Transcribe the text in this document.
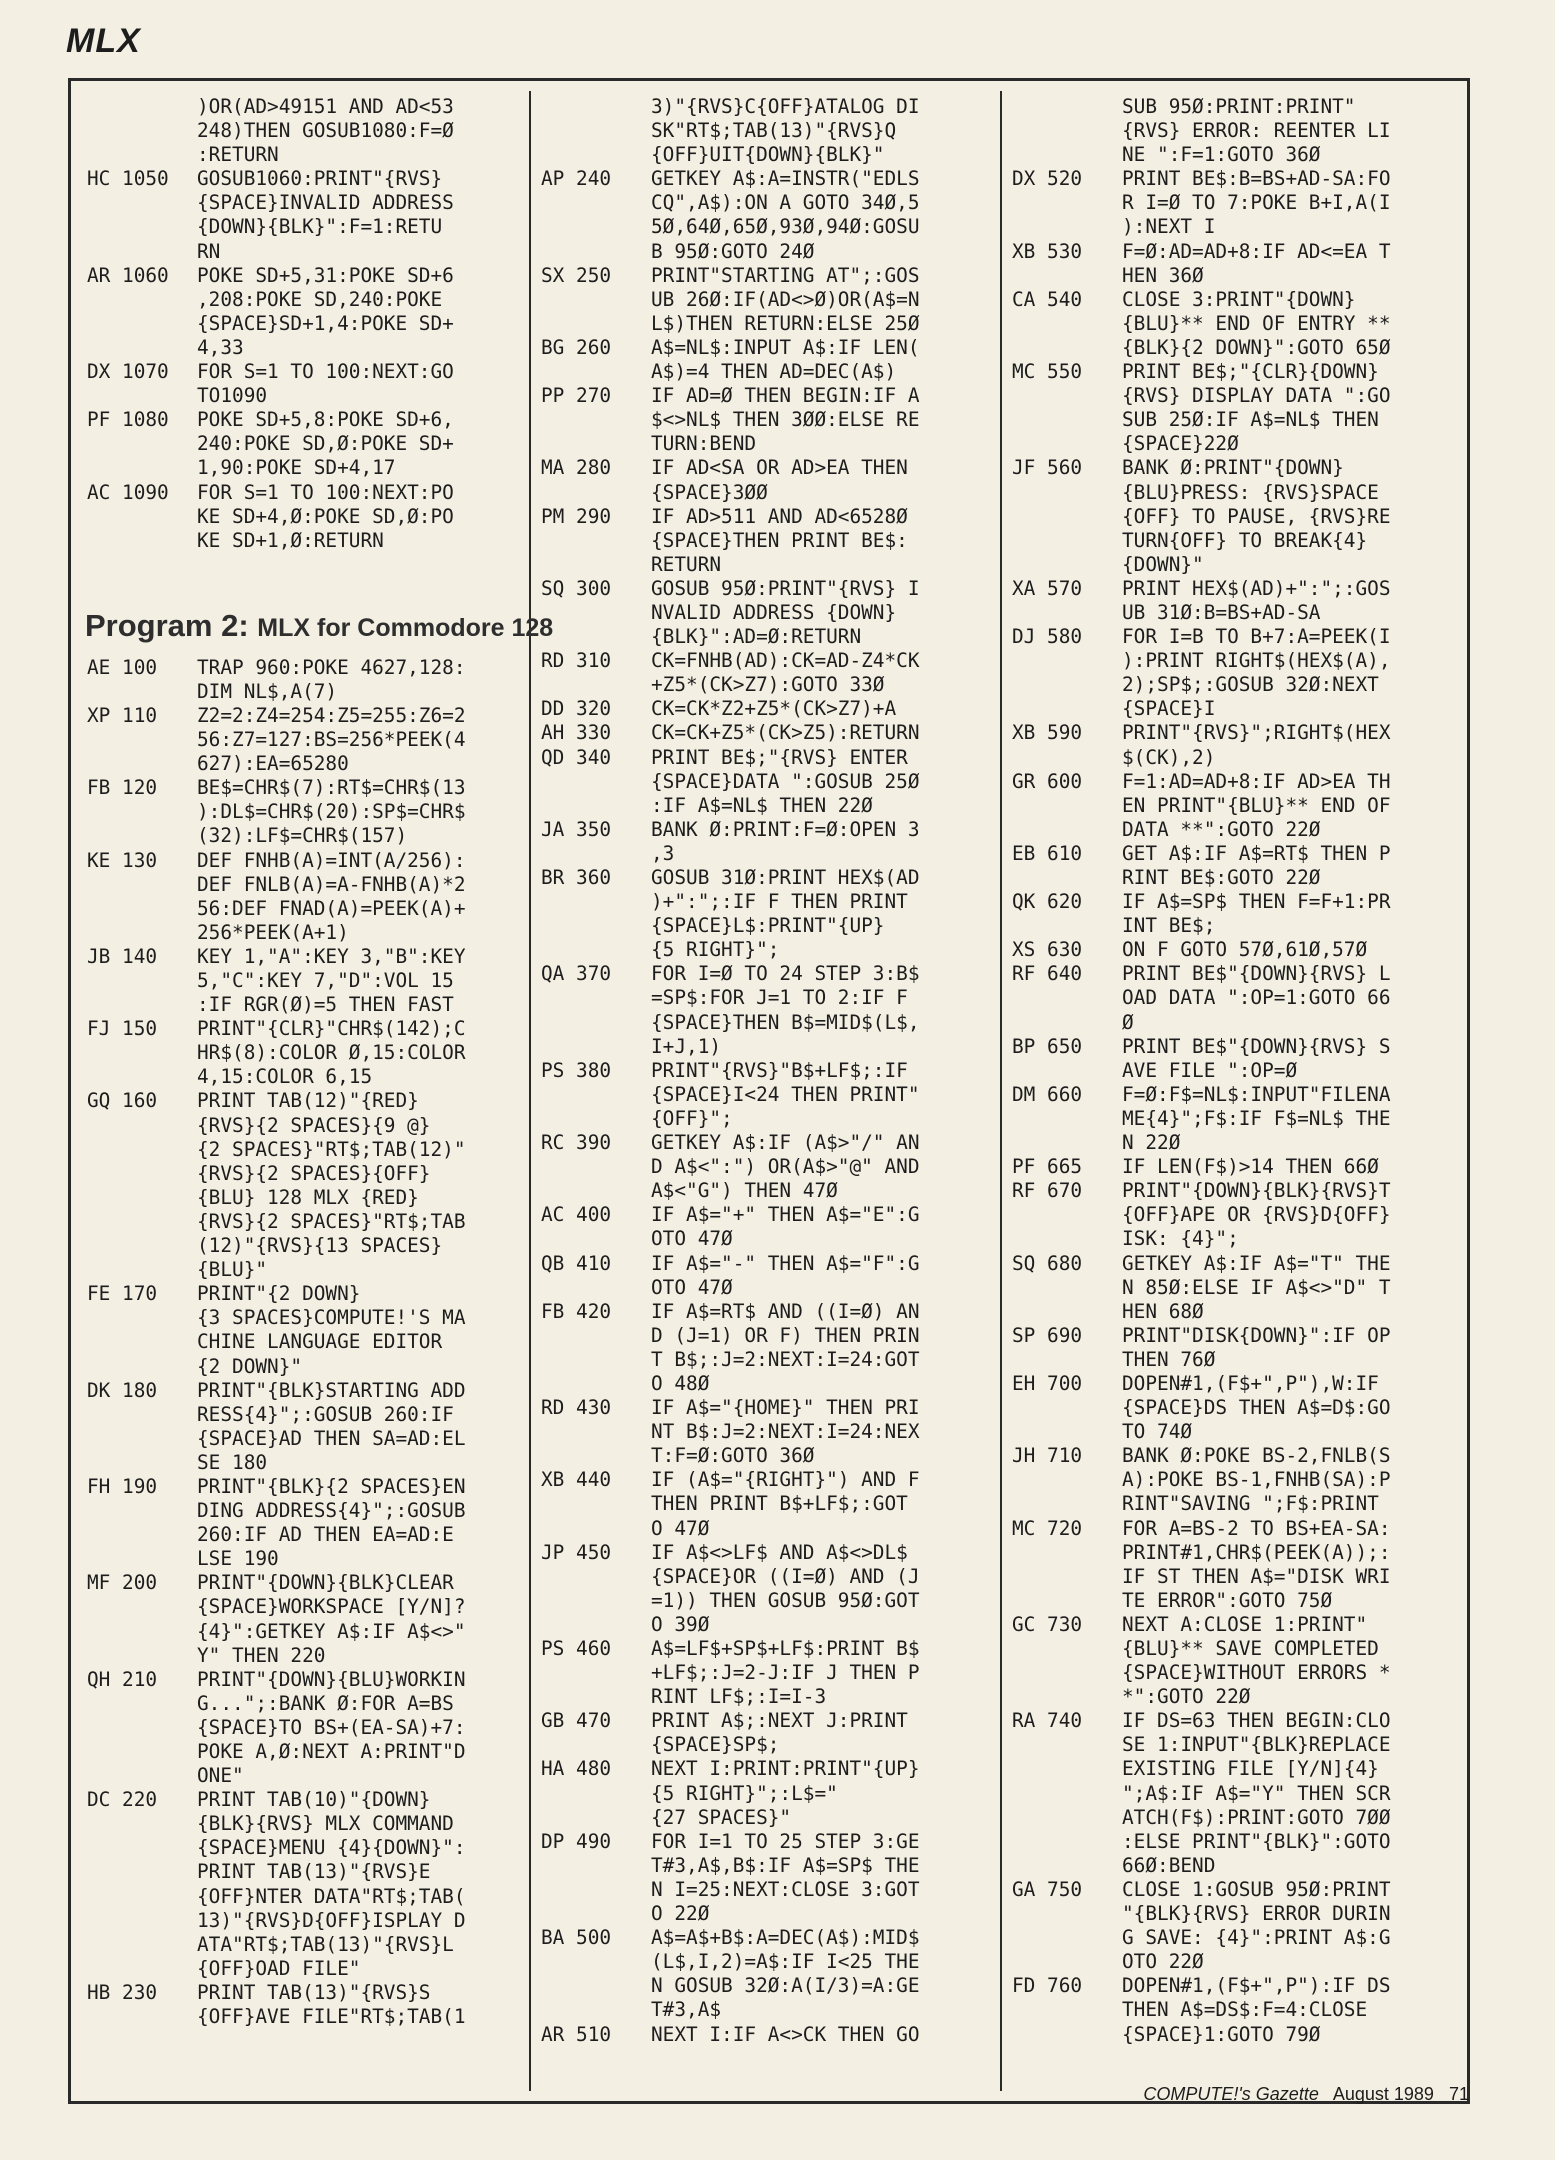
MLX
)OR(AD>49151 AND AD<53
248)THEN GOSUB1080:F=Ø
:RETURN
HC 1050	GOSUB1060:PRINT"{RVS}
{SPACE}INVALID ADDRESS
{DOWN}{BLK}":F=1:RETU
RN
AR 1060	POKE SD+5,31:POKE SD+6
,208:POKE SD,240:POKE
{SPACE}SD+1,4:POKE SD+
4,33
DX 1070	FOR S=1 TO 100:NEXT:GO
TO1090
PF 1080	POKE SD+5,8:POKE SD+6,
240:POKE SD,Ø:POKE SD+
1,90:POKE SD+4,17
AC 1090	FOR S=1 TO 100:NEXT:PO
KE SD+4,Ø:POKE SD,Ø:PO
KE SD+1,Ø:RETURN
Program 2: MLX for Commodore 128
AE 100	TRAP 960:POKE 4627,128:
DIM NL$,A(7)
XP 110	Z2=2:Z4=254:Z5=255:Z6=2
56:Z7=127:BS=256*PEEK(4
627):EA=65280
FB 120	BE$=CHR$(7):RT$=CHR$(13
):DL$=CHR$(20):SP$=CHR$
(32):LF$=CHR$(157)
KE 130	DEF FNHB(A)=INT(A/256):
DEF FNLB(A)=A-FNHB(A)*2
56:DEF FNAD(A)=PEEK(A)+
256*PEEK(A+1)
JB 140	KEY 1,"A":KEY 3,"B":KEY
5,"C":KEY 7,"D":VOL 15
:IF RGR(Ø)=5 THEN FAST
FJ 150	PRINT"{CLR}"CHR$(142);C
HR$(8):COLOR Ø,15:COLOR
4,15:COLOR 6,15
GQ 160	PRINT TAB(12)"{RED}
{RVS}{2 SPACES}{9 @}
{2 SPACES}"RT$;TAB(12)"
{RVS}{2 SPACES}{OFF}
{BLU} 128 MLX {RED}
{RVS}{2 SPACES}"RT$;TAB
(12)"{RVS}{13 SPACES}
{BLU}"
FE 170	PRINT"{2 DOWN}
{3 SPACES}COMPUTE!'S MA
CHINE LANGUAGE EDITOR
{2 DOWN}"
DK 180	PRINT"{BLK}STARTING ADD
RESS{4}";:GOSUB 260:IF
{SPACE}AD THEN SA=AD:EL
SE 180
FH 190	PRINT"{BLK}{2 SPACES}EN
DING ADDRESS{4}";:GOSUB
260:IF AD THEN EA=AD:E
LSE 190
MF 200	PRINT"{DOWN}{BLK}CLEAR
{SPACE}WORKSPACE [Y/N]?
{4}":GETKEY A$:IF A$<>"
Y" THEN 220
QH 210	PRINT"{DOWN}{BLU}WORKIN
G...";:BANK Ø:FOR A=BS
{SPACE}TO BS+(EA-SA)+7:
POKE A,Ø:NEXT A:PRINT"D
ONE"
DC 220	PRINT TAB(10)"{DOWN}
{BLK}{RVS} MLX COMMAND
{SPACE}MENU {4}{DOWN}":
PRINT TAB(13)"{RVS}E
{OFF}NTER DATA"RT$;TAB(
13)"{RVS}D{OFF}ISPLAY D
ATA"RT$;TAB(13)"{RVS}L
{OFF}OAD FILE"
HB 230	PRINT TAB(13)"{RVS}S
{OFF}AVE FILE"RT$;TAB(1
3)"{RVS}C{OFF}ATALOG DI
SK"RT$;TAB(13)"{RVS}Q
{OFF}UIT{DOWN}{BLK}"
AP 240	GETKEY A$:A=INSTR("EDLS
CQ",A$):ON A GOTO 34Ø,5
5Ø,64Ø,65Ø,93Ø,94Ø:GOSU
B 95Ø:GOTO 24Ø
SX 250	PRINT"STARTING AT";:GOS
UB 26Ø:IF(AD<>Ø)OR(A$=N
L$)THEN RETURN:ELSE 25Ø
BG 260	A$=NL$:INPUT A$:IF LEN(
A$)=4 THEN AD=DEC(A$)
PP 270	IF AD=Ø THEN BEGIN:IF A
$<>NL$ THEN 3ØØ:ELSE RE
TURN:BEND
MA 280	IF AD<SA OR AD>EA THEN
{SPACE}3ØØ
PM 290	IF AD>511 AND AD<6528Ø
{SPACE}THEN PRINT BE$:
RETURN
SQ 300	GOSUB 95Ø:PRINT"{RVS} I
NVALID ADDRESS {DOWN}
{BLK}":AD=Ø:RETURN
RD 310	CK=FNHB(AD):CK=AD-Z4*CK
+Z5*(CK>Z7):GOTO 33Ø
DD 320	CK=CK*Z2+Z5*(CK>Z7)+A
AH 330	CK=CK+Z5*(CK>Z5):RETURN
QD 340	PRINT BE$;"{RVS} ENTER
{SPACE}DATA ":GOSUB 25Ø
:IF A$=NL$ THEN 22Ø
JA 350	BANK Ø:PRINT:F=Ø:OPEN 3
,3
BR 360	GOSUB 31Ø:PRINT HEX$(AD
)+":";:IF F THEN PRINT
{SPACE}L$:PRINT"{UP}
{5 RIGHT}";
QA 370	FOR I=Ø TO 24 STEP 3:B$
=SP$:FOR J=1 TO 2:IF F
{SPACE}THEN B$=MID$(L$,
I+J,1)
PS 380	PRINT"{RVS}"B$+LF$;:IF
{SPACE}I<24 THEN PRINT"
{OFF}";
RC 390	GETKEY A$:IF (A$>"/" AN
D A$<":") OR(A$>"@" AND
A$<"G") THEN 47Ø
AC 400	IF A$="+" THEN A$="E":G
OTO 47Ø
QB 410	IF A$="-" THEN A$="F":G
OTO 47Ø
FB 420	IF A$=RT$ AND ((I=Ø) AN
D (J=1) OR F) THEN PRIN
T B$;:J=2:NEXT:I=24:GOT
O 48Ø
RD 430	IF A$="{HOME}" THEN PRI
NT B$:J=2:NEXT:I=24:NEX
T:F=Ø:GOTO 36Ø
XB 440	IF (A$="{RIGHT}") AND F
THEN PRINT B$+LF$;:GOT
O 47Ø
JP 450	IF A$<>LF$ AND A$<>DL$
{SPACE}OR ((I=Ø) AND (J
=1)) THEN GOSUB 95Ø:GOT
O 39Ø
PS 460	A$=LF$+SP$+LF$:PRINT B$
+LF$;:J=2-J:IF J THEN P
RINT LF$;:I=I-3
GB 470	PRINT A$;:NEXT J:PRINT
{SPACE}SP$;
HA 480	NEXT I:PRINT:PRINT"{UP}
{5 RIGHT}";:L$="
{27 SPACES}"
DP 490	FOR I=1 TO 25 STEP 3:GE
T#3,A$,B$:IF A$=SP$ THE
N I=25:NEXT:CLOSE 3:GOT
O 22Ø
BA 500	A$=A$+B$:A=DEC(A$):MID$
(L$,I,2)=A$:IF I<25 THE
N GOSUB 32Ø:A(I/3)=A:GE
T#3,A$
AR 510	NEXT I:IF A<>CK THEN GO
SUB 95Ø:PRINT:PRINT"
{RVS} ERROR: REENTER LI
NE ":F=1:GOTO 36Ø
DX 520	PRINT BE$:B=BS+AD-SA:FO
R I=Ø TO 7:POKE B+I,A(I
):NEXT I
XB 530	F=Ø:AD=AD+8:IF AD<=EA T
HEN 36Ø
CA 540	CLOSE 3:PRINT"{DOWN}
{BLU}** END OF ENTRY **
{BLK}{2 DOWN}":GOTO 65Ø
MC 550	PRINT BE$;"{CLR}{DOWN}
{RVS} DISPLAY DATA ":GO
SUB 25Ø:IF A$=NL$ THEN
{SPACE}22Ø
JF 560	BANK Ø:PRINT"{DOWN}
{BLU}PRESS: {RVS}SPACE
{OFF} TO PAUSE, {RVS}RE
TURN{OFF} TO BREAK{4}
{DOWN}"
XA 570	PRINT HEX$(AD)+":";:GOS
UB 31Ø:B=BS+AD-SA
DJ 580	FOR I=B TO B+7:A=PEEK(I
):PRINT RIGHT$(HEX$(A),
2);SP$;:GOSUB 32Ø:NEXT
{SPACE}I
XB 590	PRINT"{RVS}";RIGHT$(HEX
$(CK),2)
GR 600	F=1:AD=AD+8:IF AD>EA TH
EN PRINT"{BLU}** END OF
DATA **":GOTO 22Ø
EB 610	GET A$:IF A$=RT$ THEN P
RINT BE$:GOTO 22Ø
QK 620	IF A$=SP$ THEN F=F+1:PR
INT BE$;
XS 630	ON F GOTO 57Ø,61Ø,57Ø
RF 640	PRINT BE$"{DOWN}{RVS} L
OAD DATA ":OP=1:GOTO 66
Ø
BP 650	PRINT BE$"{DOWN}{RVS} S
AVE FILE ":OP=Ø
DM 660	F=Ø:F$=NL$:INPUT"FILENA
ME{4}";F$:IF F$=NL$ THE
N 22Ø
PF 665	IF LEN(F$)>14 THEN 66Ø
RF 670	PRINT"{DOWN}{BLK}{RVS}T
{OFF}APE OR {RVS}D{OFF}
ISK: {4}";
SQ 680	GETKEY A$:IF A$="T" THE
N 85Ø:ELSE IF A$<>"D" T
HEN 68Ø
SP 690	PRINT"DISK{DOWN}":IF OP
THEN 76Ø
EH 700	DOPEN#1,(F$+",P"),W:IF
{SPACE}DS THEN A$=D$:GO
TO 74Ø
JH 710	BANK Ø:POKE BS-2,FNLB(S
A):POKE BS-1,FNHB(SA):P
RINT"SAVING ";F$:PRINT
MC 720	FOR A=BS-2 TO BS+EA-SA:
PRINT#1,CHR$(PEEK(A));:
IF ST THEN A$="DISK WRI
TE ERROR":GOTO 75Ø
GC 730	NEXT A:CLOSE 1:PRINT"
{BLU}** SAVE COMPLETED
{SPACE}WITHOUT ERRORS *
*":GOTO 22Ø
RA 740	IF DS=63 THEN BEGIN:CLO
SE 1:INPUT"{BLK}REPLACE
EXISTING FILE [Y/N]{4}
";A$:IF A$="Y" THEN SCR
ATCH(F$):PRINT:GOTO 7ØØ
:ELSE PRINT"{BLK}":GOTO
66Ø:BEND
GA 750	CLOSE 1:GOSUB 95Ø:PRINT
"{BLK}{RVS} ERROR DURIN
G SAVE: {4}":PRINT A$:G
OTO 22Ø
FD 760	DOPEN#1,(F$+",P"):IF DS
THEN A$=DS$:F=4:CLOSE
{SPACE}1:GOTO 79Ø
COMPUTE!'s Gazette August 1989 71
